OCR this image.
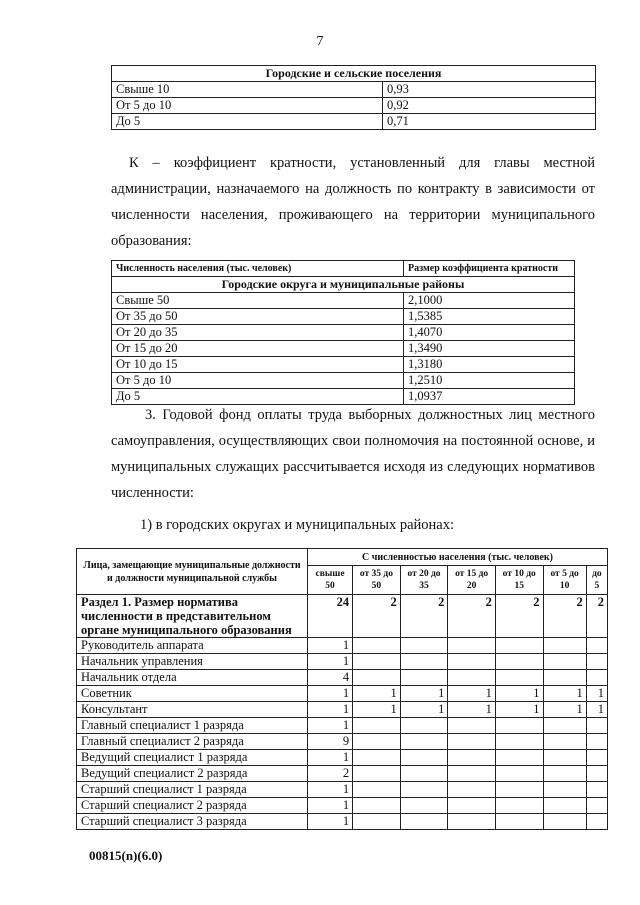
7
Городские и сельские поселения	
Свыше 10	0,93
От 5 до 10	0,92
До 5	0,71
К – коэффициент кратности, установленный для главы местной администрации, назначаемого на должность по контракту в зависимости от численности населения, проживающего на территории муниципального образования:
Численность населения (тыс. человек)	Размер коэффициента кратности
Городские округа и муниципальные районы	
Свыше 50	2,1000
От 35 до 50	1,5385
От 20 до 35	1,4070
От 15 до 20	1,3490
От 10 до 15	1,3180
От 5 до 10	1,2510
До 5	1,0937
3. Годовой фонд оплаты труда выборных должностных лиц местного самоуправления, осуществляющих свои полномочия на постоянной основе, и муниципальных служащих рассчитывается исходя из следующих нормативов численности:
1) в городских округах и муниципальных районах:
Лица, замещающие муниципальные должности и должности муниципальной службы	С численностью населения (тыс. человек)						
	свыше 50	от 35 до 50	от 20 до 35	от 15 до 20	от 10 до 15	от 5 до 10	до 5
Раздел 1. Размер норматива численности в представительном органе муниципального образования	24	2	2	2	2	2	2
Руководитель аппарата	1						
Начальник управления	1						
Начальник отдела	4						
Советник	1	1	1	1	1	1	1
Консультант	1	1	1	1	1	1	1
Главный специалист 1 разряда	1						
Главный специалист 2 разряда	9						
Ведущий специалист 1 разряда	1						
Ведущий специалист 2 разряда	2						
Старший специалист 1 разряда	1						
Старший специалист 2 разряда	1						
Старший специалист 3 разряда	1						
00815(n)(6.0)
